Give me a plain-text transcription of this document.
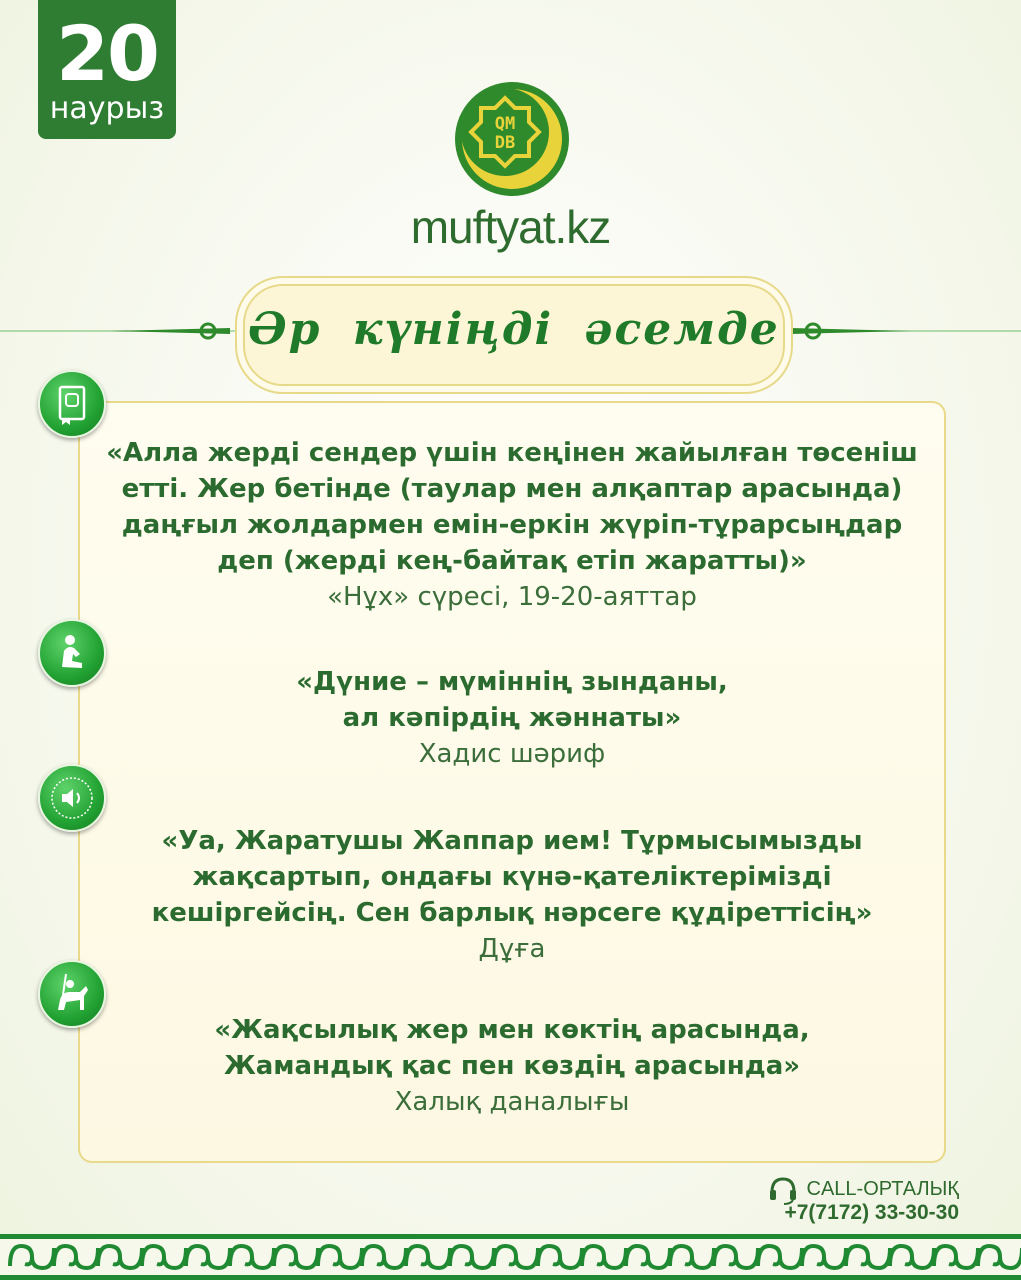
20
наурыз	QM
DB
muftyat.kz
Әр күніңді әсемде
«Алла жерді сендер үшін кеңінен жайылған төсеніш
етті. Жер бетінде (таулар мен алқаптар арасында)
даңғыл жолдармен емін-еркін жүріп-тұрарсыңдар
деп (жерді кең-байтақ етіп жаратты)»
«Нұх» сүресі, 19-20-аяттар
«Дүние – мүміннің зынданы,
ал кәпірдің жәннаты»
Хадис шәриф
«Уа, Жаратушы Жаппар ием! Тұрмысымызды
жақсартып, ондағы күнә-қателіктерімізді
кешіргейсің. Сен барлық нәрсеге құдіреттісің»
Дұға
«Жақсылық жер мен көктің арасында,
Жамандық қас пен көздің арасында»
Халық даналығы
CALL-ОРТАЛЫҚ
+7(7172) 33-30-30
